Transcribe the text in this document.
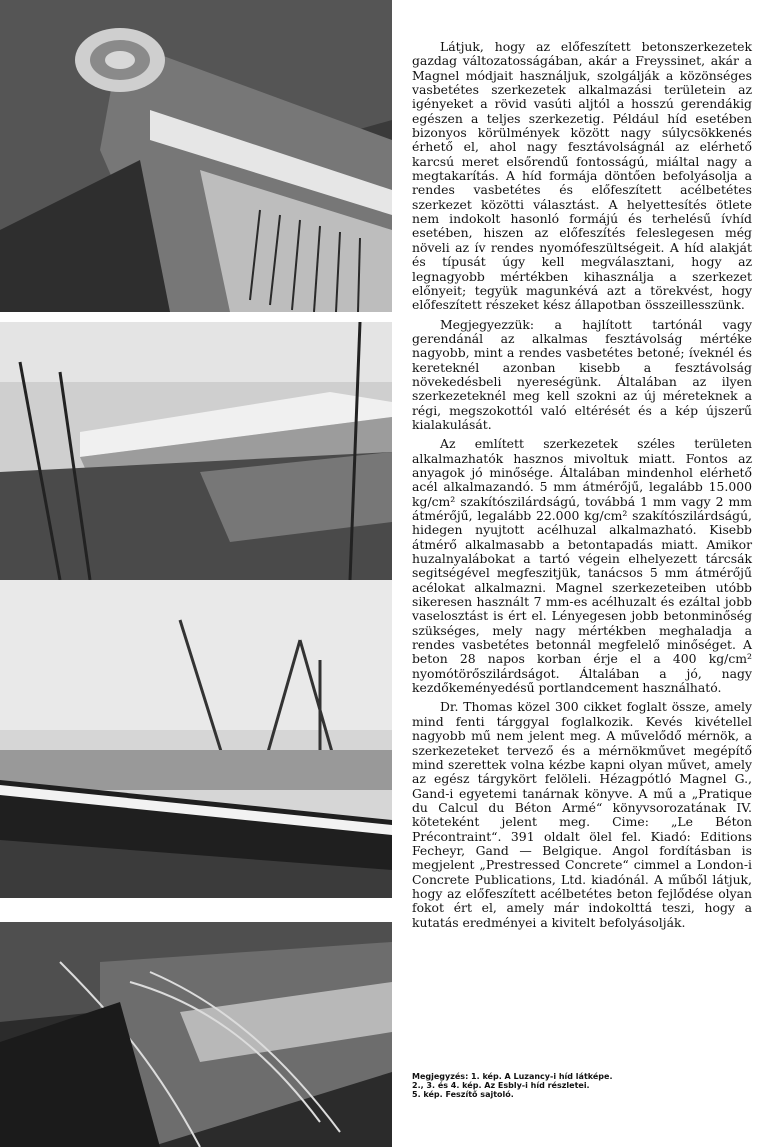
Látjuk, hogy az előfeszített betonszerkezetek gazdag változatosságában, akár a Freyssinet, akár a Magnel módjait használjuk, szolgálják a közönséges vasbetétes szerkezetek alkalmazási területein az igényeket a rövid vasúti aljtól a hosszú gerendákig egészen a teljes szerkezetig. Például híd esetében bizonyos körülmények között nagy súlycsökkenés érhető el, ahol nagy fesztávolságnál az elérhető karcsú meret elsőrendű fontosságú, miáltal nagy a megtakarítás. A híd formája döntően befolyásolja a rendes vasbetétes és előfeszített acélbetétes szerkezet közötti választást. A helyettesítés ötlete nem indokolt hasonló formájú és terhelésű ívhíd esetében, hiszen az előfeszítés feleslegesen még növeli az ív rendes nyomófeszültségeit. A híd alakját és típusát úgy kell megválasztani, hogy az legnagyobb mértékben kihasználja a szerkezet előnyeit; tegyük magunkévá azt a törekvést, hogy előfeszített részeket kész állapotban összeillesszünk.

Megjegyezzük: a hajlított tartónál vagy gerendánál az alkalmas fesztávolság mértéke nagyobb, mint a rendes vasbetétes betoné; íveknél és kereteknél azonban kisebb a fesztávolság növekedésbeli nyereségünk. Általában az ilyen szerkezeteknél meg kell szokni az új méreteknek a régi, megszokottól való eltérését és a kép újszerű kialakulását.

Az említett szerkezetek széles területen alkalmazhatók hasznos mivoltuk miatt. Fontos az anyagok jó minősége. Általában mindenhol elérhető acél alkalmazandó. 5 mm átmérőjű, legalább 15.000 kg/cm² szakítószilárdságú, továbbá 1 mm vagy 2 mm átmérőjű, legalább 22.000 kg/cm² szakítószilárdságú, hidegen nyujtott acélhuzal alkalmazható. Kisebb átmérő alkalmasabb a betontapadás miatt. Amikor huzalnyalábokat a tartó végein elhelyezett tárcsák segitségével megfeszitjük, tanácsos 5 mm átmérőjű acélokat alkalmazni. Magnel szerkezeteiben utóbb sikeresen használt 7 mm-es acélhuzalt és ezáltal jobb vaselosztást is ért el. Lényegesen jobb betonminőség szükséges, mely nagy mértékben meghaladja a rendes vasbetétes betonnál megfelelő minőséget. A beton 28 napos korban érje el a 400 kg/cm² nyomótörőszilárdságot. Általában a jó, nagy kezdőkeményedésű portlandcement használható.

Dr. Thomas közel 300 cikket foglalt össze, amely mind fenti tárggyal foglalkozik. Kevés kivétellel nagyobb mű nem jelent meg. A művelődő mérnök, a szerkezeteket tervező és a mérnökművet megépítő mind szerettek volna kézbe kapni olyan művet, amely az egész tárgykört felöleli. Hézagpótló Magnel G., Gand-i egyetemi tanárnak könyve. A mű a „Pratique du Calcul du Béton Armé“ könyvsorozatának IV. köteteként jelent meg. Cime: „Le Béton Précontraint“. 391 oldalt ölel fel. Kiadó: Editions Fecheyr, Gand — Belgique. Angol fordításban is megjelent „Prestressed Concrete“ cimmel a London-i Concrete Publications, Ltd. kiadónál. A műből látjuk, hogy az előfeszített acélbetétes beton fejlődése olyan fokot ért el, amely már indokolttá teszi, hogy a kutatás eredményei a kivitelt befolyásolják.

Megjegyzés: 1. kép. A Luzancy-i híd látképe.
2., 3. és 4. kép. Az Esbly-i híd részletei.
5. kép. Feszítő sajtoló.
